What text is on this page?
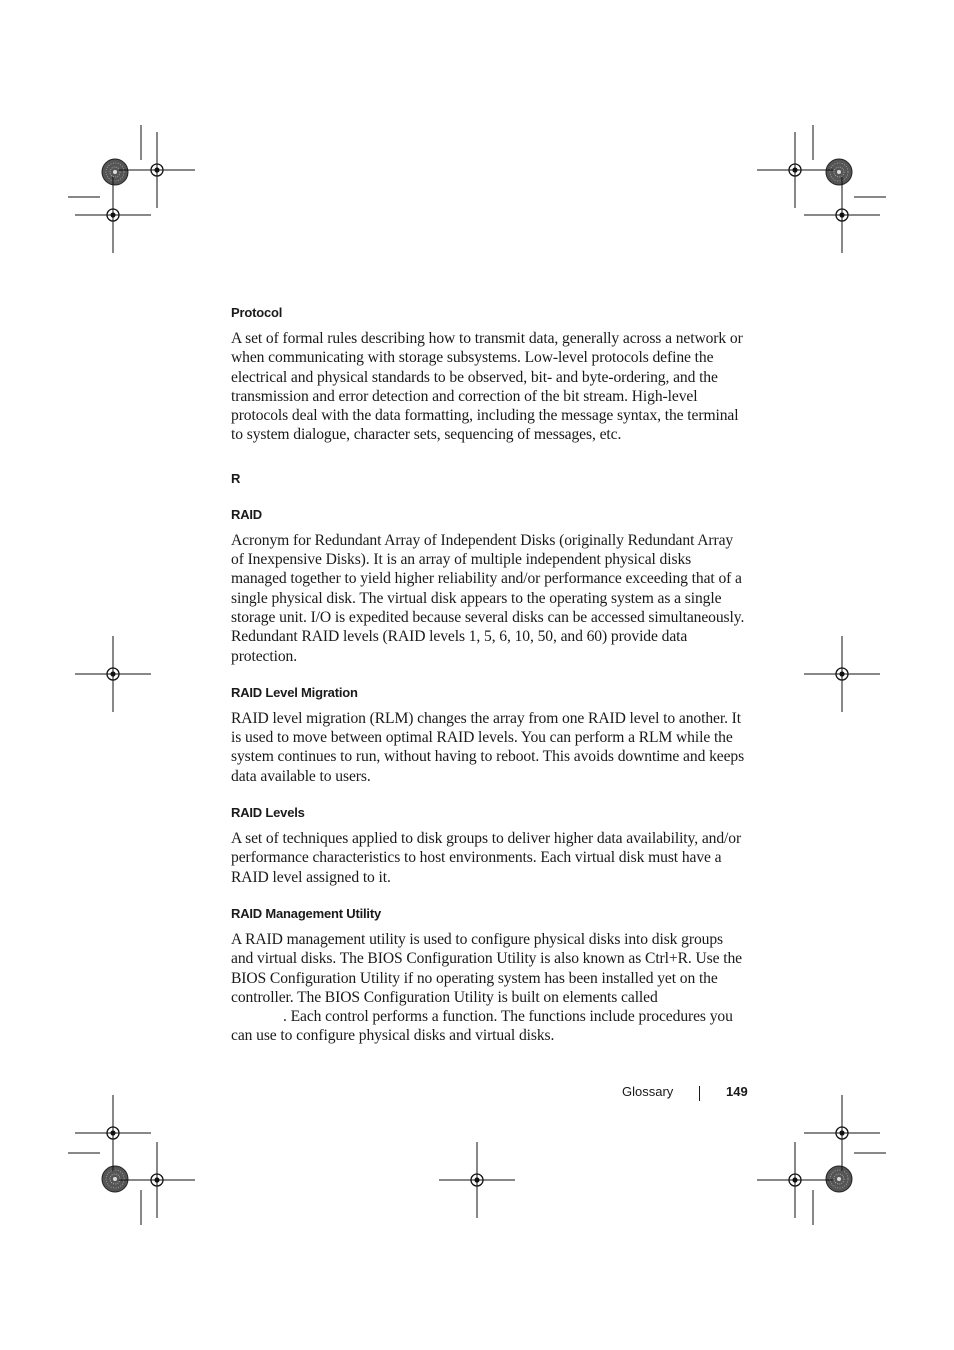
Protocol

A set of formal rules describing how to transmit data, generally across a network or when communicating with storage subsystems. Low-level protocols define the electrical and physical standards to be observed, bit- and byte-ordering, and the transmission and error detection and correction of the bit stream. High-level protocols deal with the data formatting, including the message syntax, the terminal to system dialogue, character sets, sequencing of messages, etc.

R
RAID

Acronym for Redundant Array of Independent Disks (originally Redundant Array of Inexpensive Disks). It is an array of multiple independent physical disks managed together to yield higher reliability and/or performance exceeding that of a single physical disk. The virtual disk appears to the operating system as a single storage unit. I/O is expedited because several disks can be accessed simultaneously. Redundant RAID levels (RAID levels 1, 5, 6, 10, 50, and 60) provide data protection.

RAID Level Migration

RAID level migration (RLM) changes the array from one RAID level to another. It is used to move between optimal RAID levels. You can perform a RLM while the system continues to run, without having to reboot. This avoids downtime and keeps data available to users.

RAID Levels

A set of techniques applied to disk groups to deliver higher data availability, and/or performance characteristics to host environments. Each virtual disk must have a RAID level assigned to it.

RAID Management Utility

A RAID management utility is used to configure physical disks into disk groups and virtual disks. The BIOS Configuration Utility is also known as Ctrl+R. Use the BIOS Configuration Utility if no operating system has been installed yet on the controller. The BIOS Configuration Utility is built on elements called
. Each control performs a function. The functions include procedures you can use to configure physical disks and virtual disks.

Glossary	149
